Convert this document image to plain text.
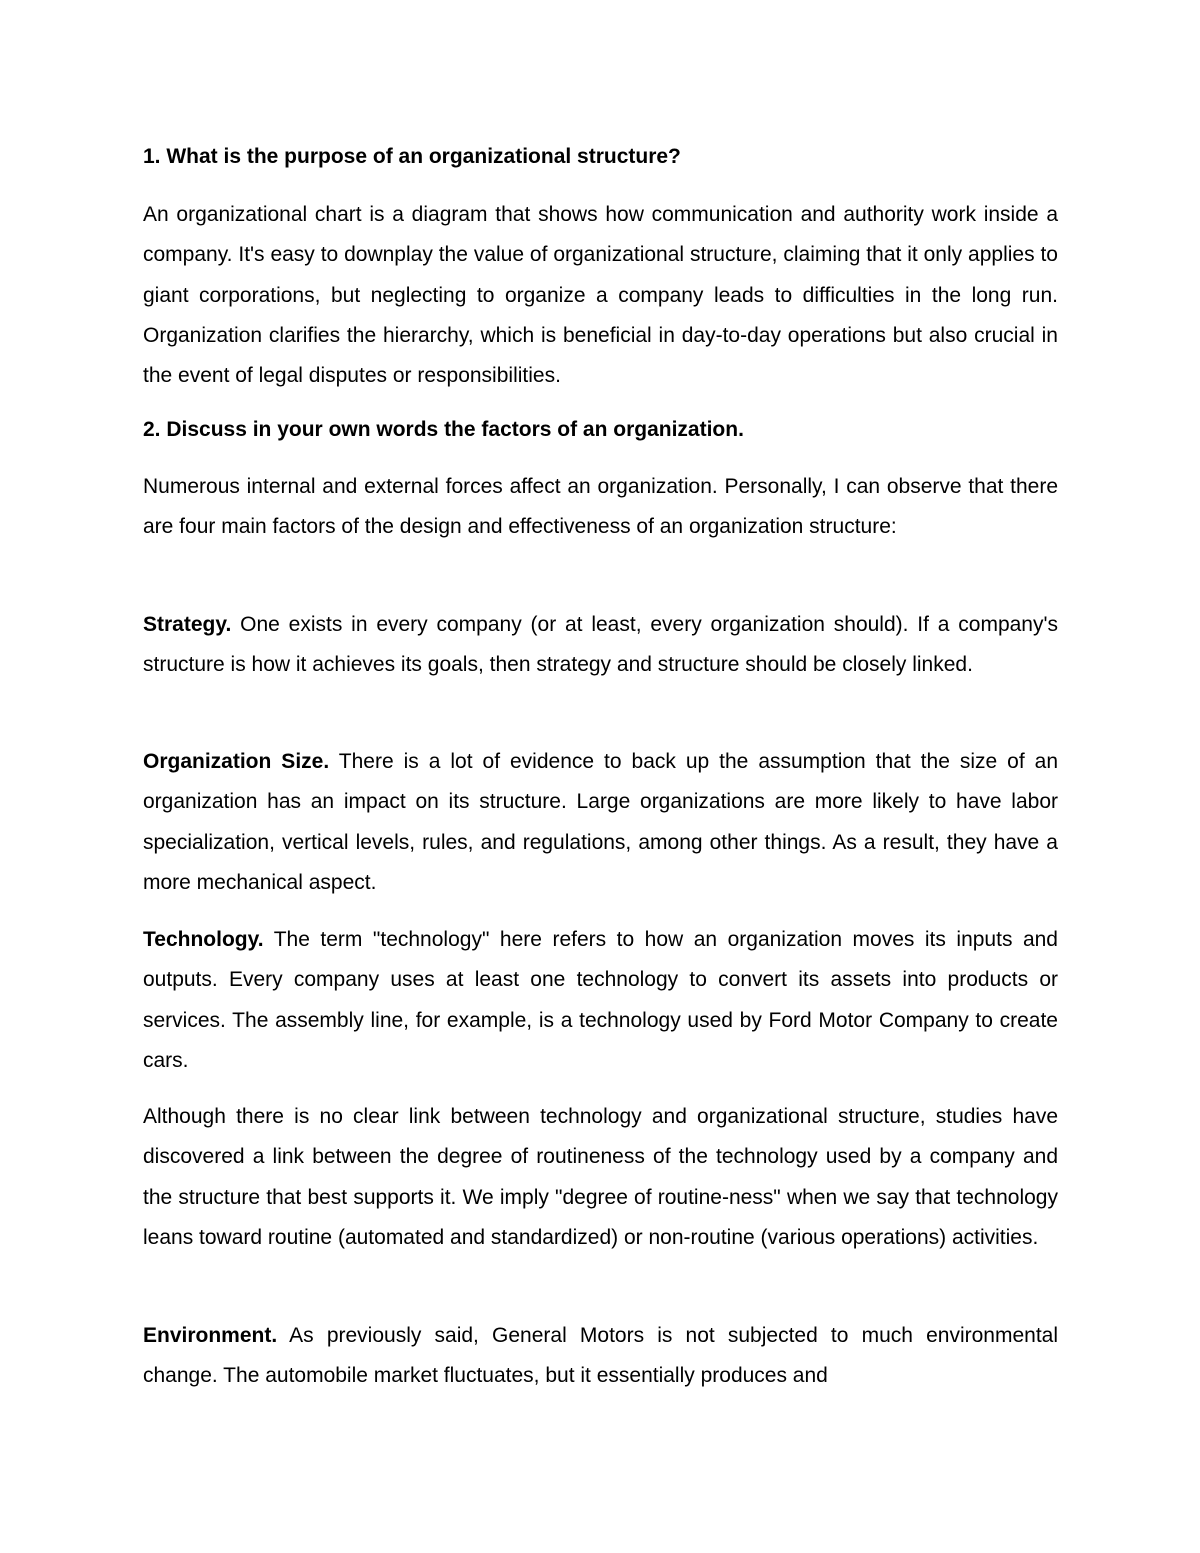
1. What is the purpose of an organizational structure?
An organizational chart is a diagram that shows how communication and authority work inside a company. It's easy to downplay the value of organizational structure, claiming that it only applies to giant corporations, but neglecting to organize a company leads to difficulties in the long run. Organization clarifies the hierarchy, which is beneficial in day-to-day operations but also crucial in the event of legal disputes or responsibilities.
2. Discuss in your own words the factors of an organization.
Numerous internal and external forces affect an organization. Personally, I can observe that there are four main factors of the design and effectiveness of an organization structure:
Strategy. One exists in every company (or at least, every organization should). If a company's structure is how it achieves its goals, then strategy and structure should be closely linked.
Organization Size. There is a lot of evidence to back up the assumption that the size of an organization has an impact on its structure. Large organizations are more likely to have labor specialization, vertical levels, rules, and regulations, among other things. As a result, they have a more mechanical aspect.
Technology. The term "technology" here refers to how an organization moves its inputs and outputs. Every company uses at least one technology to convert its assets into products or services. The assembly line, for example, is a technology used by Ford Motor Company to create cars.
Although there is no clear link between technology and organizational structure, studies have discovered a link between the degree of routineness of the technology used by a company and the structure that best supports it. We imply "degree of routine-ness" when we say that technology leans toward routine (automated and standardized) or non-routine (various operations) activities.
Environment. As previously said, General Motors is not subjected to much environmental change. The automobile market fluctuates, but it essentially produces and
